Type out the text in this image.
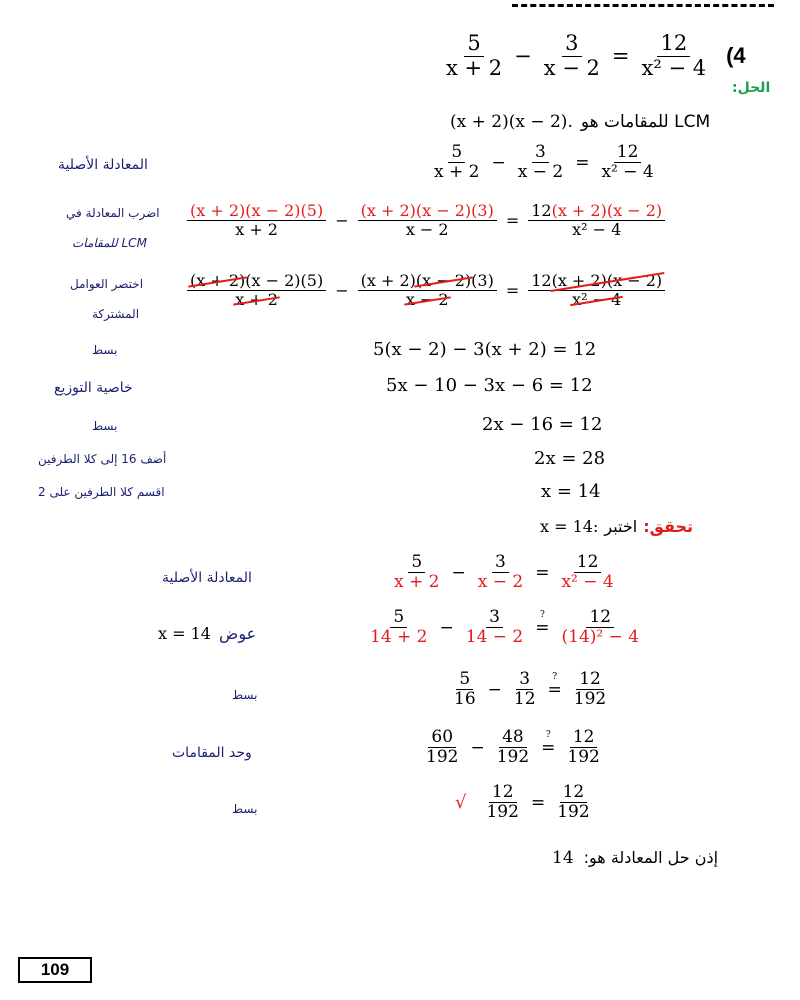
$\frac{5}{x + 2} - \frac{3}{x - 2} = \frac{12}{\text{x² − 4}} (4$
الحل:
LCM للمقامات هو
(x + 2)(x − 2).
المعادلة الأصلية	$\frac{5}{x + 2} - \frac{3}{x - 2} = \frac{12}{\text{x² − 4}}$
اضرب المعادلة في
LCM للمقامات
$\frac{(x + 2)(x - 2)(5)}{x + 2} - \frac{(x + 2)(x - 2)(3)}{x - 2} = \frac{12(x + 2)(x - 2)}{\text{x² − 4}}$
اختصر العوامل
المشتركة
$\frac{(x + 2)(x - 2)(5)}{x + 2} - \frac{(x + 2)(x - 2)(3)}{x - 2} = \frac{12(x + 2)(x - 2)}{\text{x² − 4}}$
بسط	5(x − 2) − 3(x + 2) = 12
خاصية التوزيع	5x − 10 − 3x − 6 = 12
بسط	2x − 16 = 12
أضف 16 إلى كلا الطرفين	2x = 28
اقسم كلا الطرفين على 2	x = 14
تحقق:
اختبر
x = 14:
المعادلة الأصلية	$\frac{5}{x + 2} - \frac{3}{x - 2} = \frac{12}{\text{x² − 4}}$
عوض
x = 14	$\frac{5}{14 + 2} - \frac{3}{14 - 2}$ =
? $\frac{12}{\text{(14)² − 4}}$
بسط	$\frac{5}{16} - \frac{3}{12}$ =
? $\frac{12}{192}$
وحد المقامات	$\frac{60}{192} - \frac{48}{192}$ =
? $\frac{12}{192}$
بسط	√ $\frac{12}{192} = \frac{12}{192}$
إذن حل المعادلة هو:
14
109
